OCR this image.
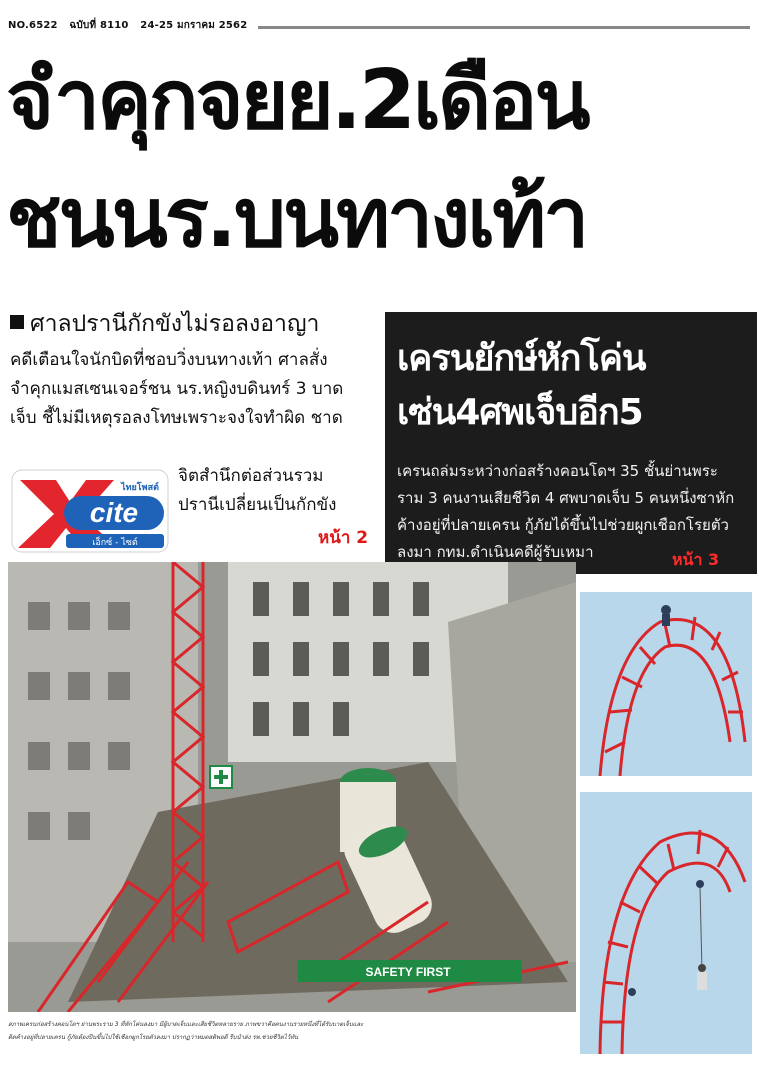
NO.6522 ฉบับที่ 8110 24-25 มกราคม 2562
จำคุกจยย.2เดือน
ชนนร.บนทางเท้า
ศาลปรานีกักขังไม่รอลงอาญา
คดีเตือนใจนักบิดที่ชอบวิ่งบนทางเท้า ศาลสั่ง
จำคุกแมสเซนเจอร์ชน นร.หญิงบดินทร์ 3 บาด
เจ็บ ชี้ไม่มีเหตุรอลงโทษเพราะจงใจทำผิด ชาด
จิตสำนึกต่อส่วนรวม
ปรานีเปลี่ยนเป็นกักขัง
หน้า 2
cite
ไทยโพสต์
เอ็กซ์ - ไซต์
เครนยักษ์หักโค่น
เซ่น4ศพเจ็บอีก5
เครนถล่มระหว่างก่อสร้างคอนโดฯ 35 ชั้นย่านพระ
ราม 3 คนงานเสียชีวิต 4 ศพบาดเจ็บ 5 คนหนึ่งซาหัก
ค้างอยู่ที่ปลายเครน กู้ภัยได้ขึ้นไปช่วยผูกเชือกโรยตัว
ลงมา กทม.ดำเนินคดีผู้รับเหมา	หน้า 3
SAFETY FIRST
สภาพเครนก่อสร้างคอนโดฯ ย่านพระราม 3 ที่หักโค่นลงมา มีผู้บาดเจ็บและเสียชีวิตหลายราย ภาพขวาคือคนงานรายหนึ่งที่ได้รับบาดเจ็บและ
ติดค้างอยู่ที่ปลายเครน กู้ภัยต้องปีนขึ้นไปใช้เชือกผูกโรยตัวลงมา ปรากฏว่าหมดสติพอดี รีบนำส่ง รพ.ช่วยชีวิตไว้ทัน
